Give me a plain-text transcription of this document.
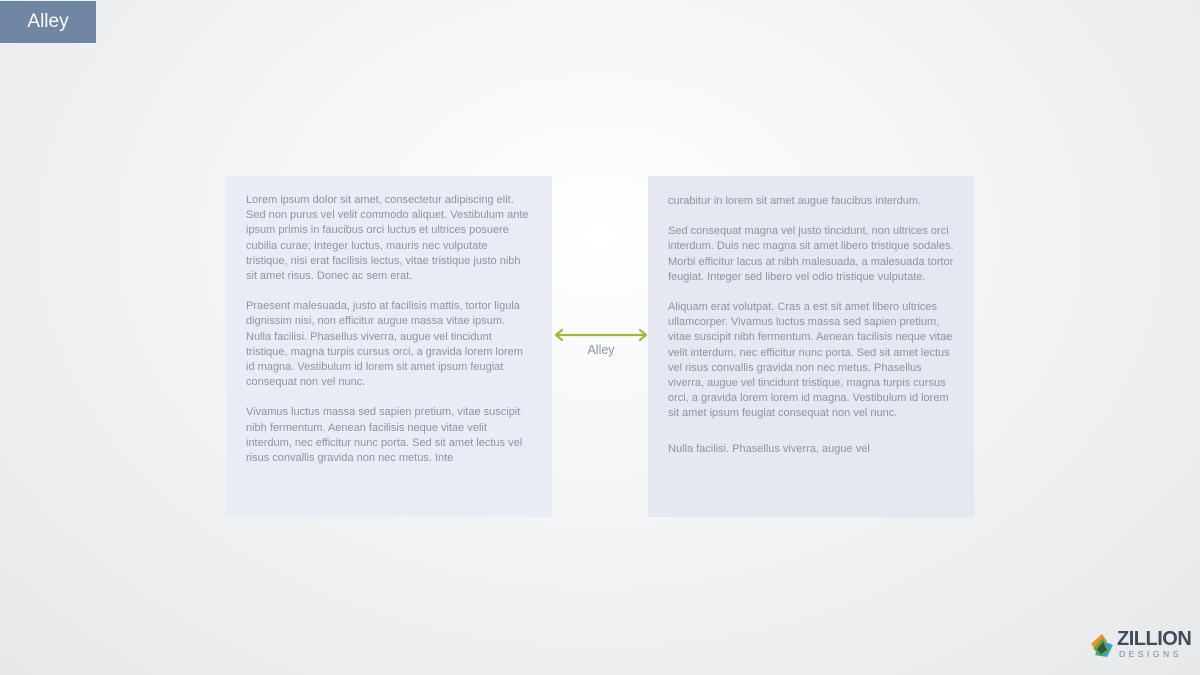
Alley

Lorem ipsum dolor sit amet, consectetur adipiscing elit. Sed non purus vel velit commodo aliquet. Vestibulum ante ipsum primis in faucibus orci luctus et ultrices posuere cubilia curae; Integer luctus, mauris nec vulputate tristique, nisi erat facilisis lectus, vitae tristique justo nibh sit amet risus. Donec ac sem erat.

Praesent malesuada, justo at facilisis mattis, tortor ligula dignissim nisi, non efficitur augue massa vitae ipsum. Nulla facilisi. Phasellus viverra, augue vel tincidunt tristique, magna turpis cursus orci, a gravida lorem lorem id magna. Vestibulum id lorem sit amet ipsum feugiat consequat non vel nunc.

Vivamus luctus massa sed sapien pretium, vitae suscipit nibh fermentum. Aenean facilisis neque vitae velit interdum, nec efficitur nunc porta. Sed sit amet lectus vel risus convallis gravida non nec metus. Inte

Alley

curabitur in lorem sit amet augue faucibus interdum.

Sed consequat magna vel justo tincidunt, non ultrices orci interdum. Duis nec magna sit amet libero tristique sodales. Morbi efficitur lacus at nibh malesuada, a malesuada tortor feugiat. Integer sed libero vel odio tristique vulputate.

Aliquam erat volutpat. Cras a est sit amet libero ultrices ullamcorper. Vivamus luctus massa sed sapien pretium, vitae suscipit nibh fermentum. Aenean facilisis neque vitae velit interdum, nec efficitur nunc porta. Sed sit amet lectus vel risus convallis gravida non nec metus. Phasellus viverra, augue vel tincidunt tristique, magna turpis cursus orci, a gravida lorem lorem id magna. Vestibulum id lorem sit amet ipsum feugiat consequat non vel nunc.

Nulla facilisi. Phasellus viverra, augue vel

ZILLION
DESIGNS
